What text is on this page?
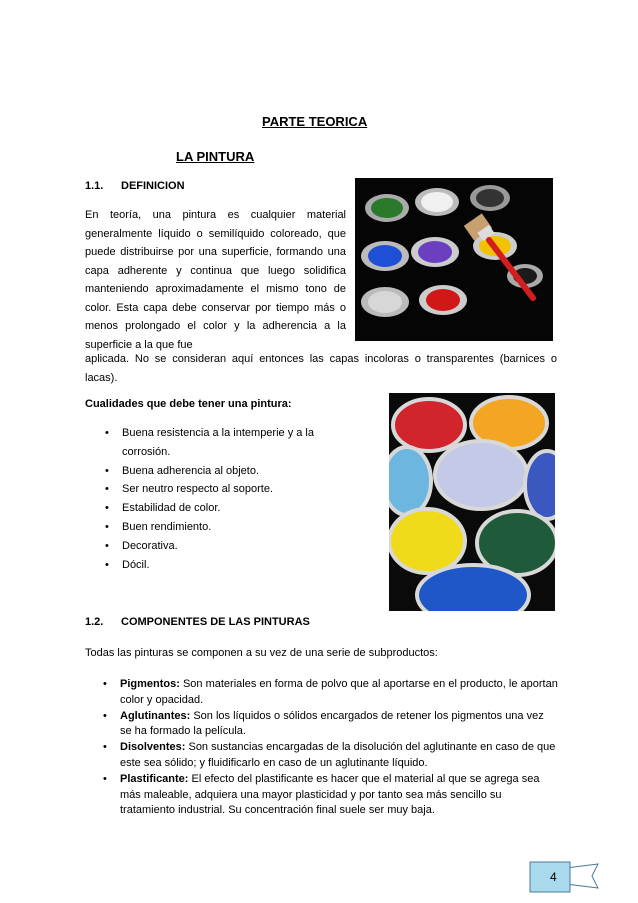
PARTE TEORICA
LA PINTURA
1.1. DEFINICION
En teoría, una pintura es cualquier material generalmente líquido o semilíquido coloreado, que puede distribuirse por una superficie, formando una capa adherente y continua que luego solidifica manteniendo aproximadamente el mismo tono de color. Esta capa debe conservar por tiempo más o menos prolongado el color y la adherencia a la superficie a la que fue
aplicada. No se consideran aquí entonces las capas incoloras o transparentes (barnices o lacas).
Cualidades que debe tener una pintura:
• Buena resistencia a la intemperie y a la corrosión.
• Buena adherencia al objeto.
• Ser neutro respecto al soporte.
• Estabilidad de color.
• Buen rendimiento.
• Decorativa.
• Dócil.
1.2. COMPONENTES DE LAS PINTURAS
Todas las pinturas se componen a su vez de una serie de subproductos:
• Pigmentos: Son materiales en forma de polvo que al aportarse en el producto, le aportan color y opacidad.
• Aglutinantes: Son los líquidos o sólidos encargados de retener los pigmentos una vez se ha formado la película.
• Disolventes: Son sustancias encargadas de la disolución del aglutinante en caso de que este sea sólido; y fluidificarlo en caso de un aglutinante líquido.
• Plastificante: El efecto del plastificante es hacer que el material al que se agrega sea más maleable, adquiera una mayor plasticidad y por tanto sea más sencillo su tratamiento industrial. Su concentración final suele ser muy baja.
4
